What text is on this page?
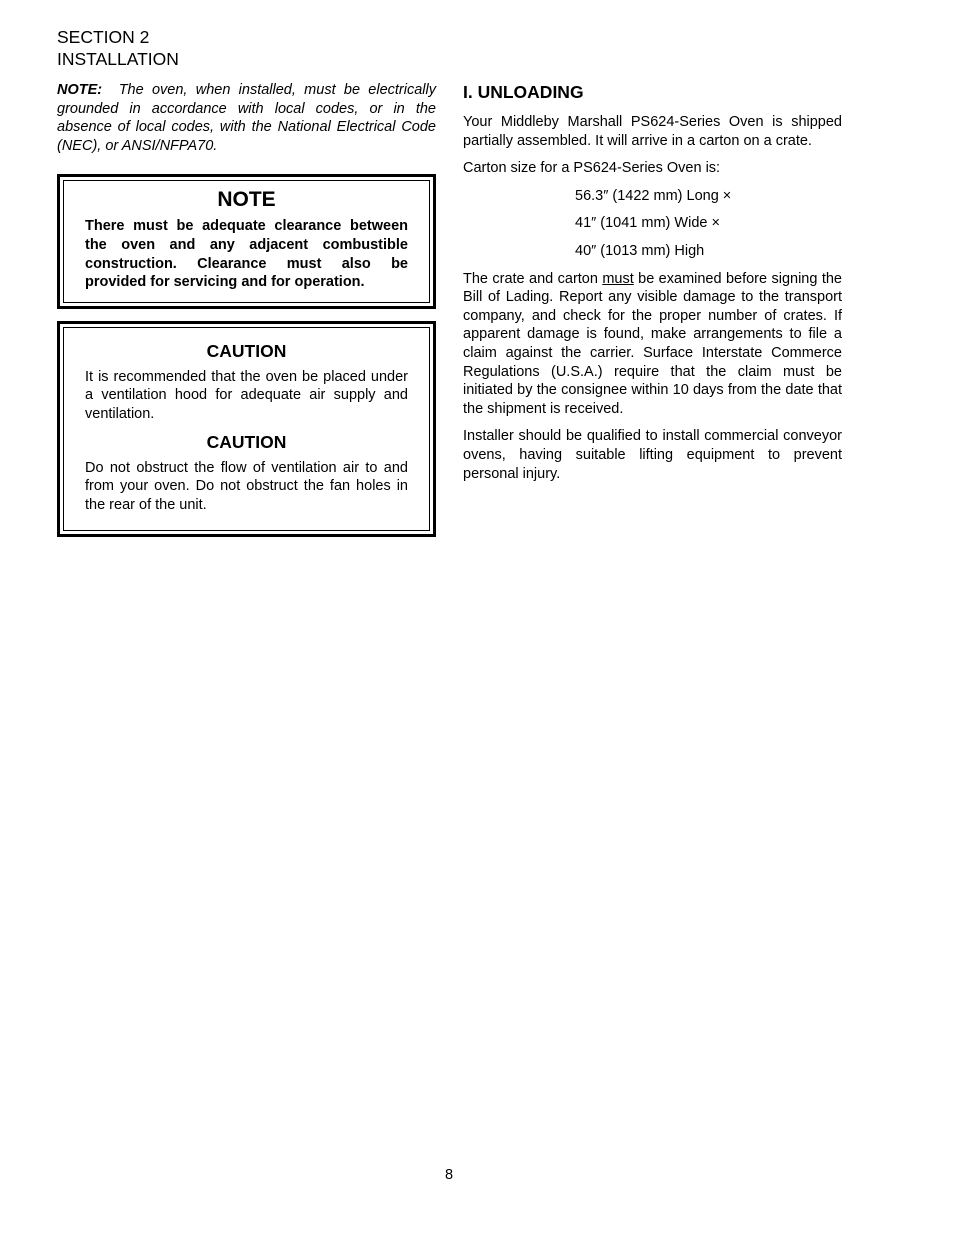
SECTION 2
INSTALLATION

NOTE: The oven, when installed, must be electrically grounded in accordance with local codes, or in the absence of local codes, with the National Electrical Code (NEC), or ANSI/NFPA70.

NOTE

There must be adequate clearance between the oven and any adjacent combustible construction. Clearance must also be provided for servicing and for operation.

CAUTION

It is recommended that the oven be placed under a ventilation hood for adequate air supply and ventilation.

CAUTION

Do not obstruct the flow of ventilation air to and from your oven. Do not obstruct the fan holes in the rear of the unit.

I. UNLOADING

Your Middleby Marshall PS624-Series Oven is shipped partially assembled. It will arrive in a carton on a crate.

Carton size for a PS624-Series Oven is:

56.3″ (1422 mm) Long ×

41″ (1041 mm) Wide ×

40″ (1013 mm) High

The crate and carton must be examined before signing the Bill of Lading. Report any visible damage to the transport company, and check for the proper number of crates. If apparent damage is found, make arrangements to file a claim against the carrier. Surface Interstate Commerce Regulations (U.S.A.) require that the claim must be initiated by the consignee within 10 days from the date that the shipment is received.

Installer should be qualified to install commercial conveyor ovens, having suitable lifting equipment to prevent personal injury.

8
